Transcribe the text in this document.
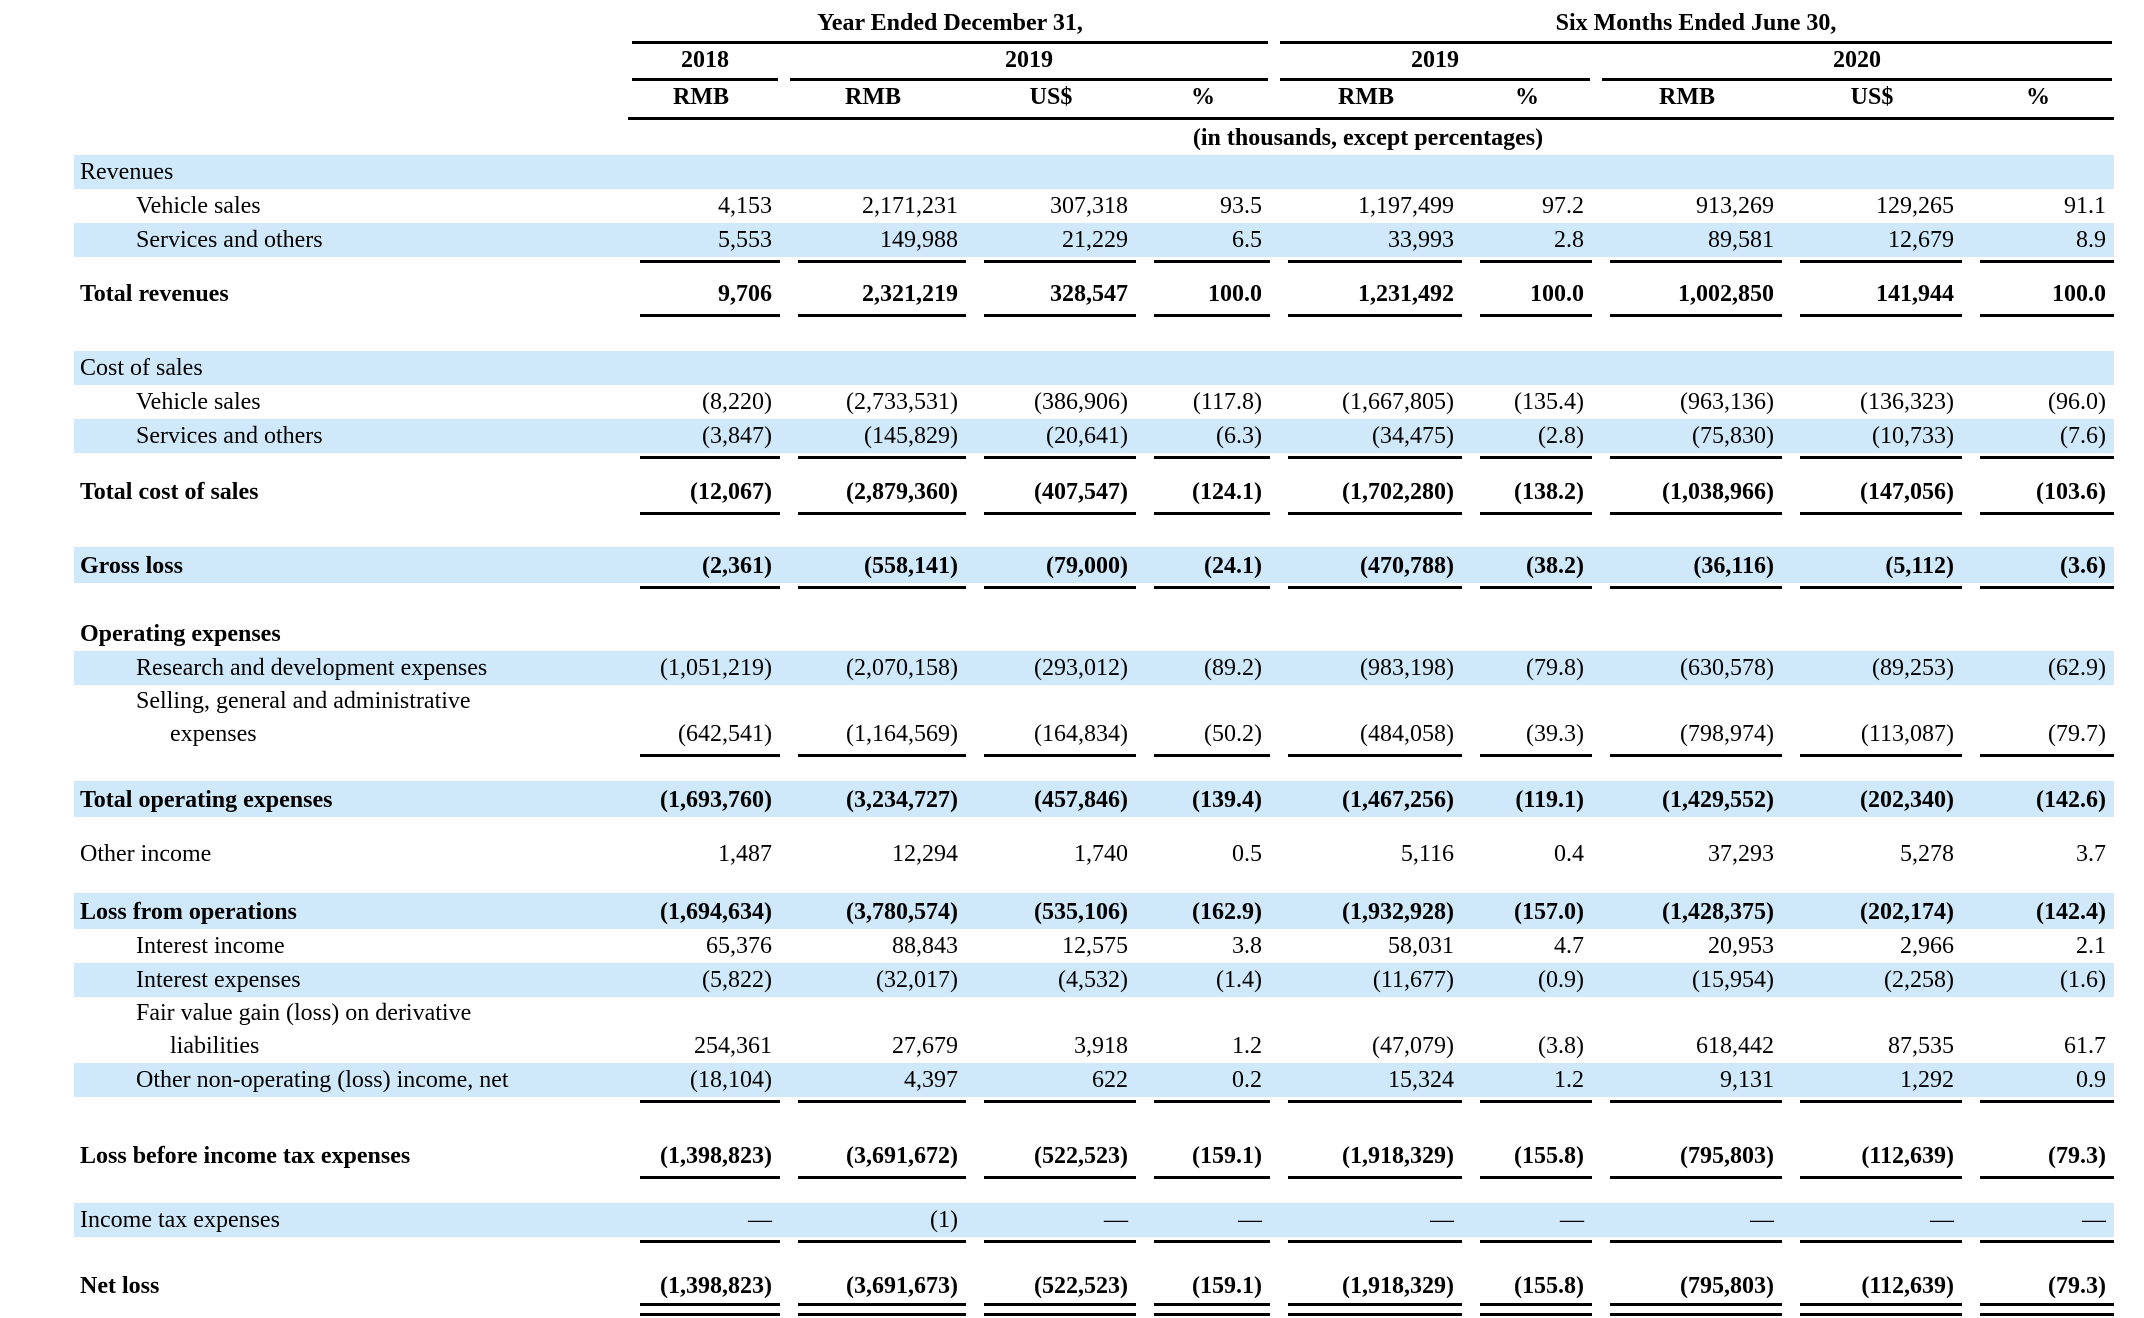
	Year Ended December 31,				Six Months Ended June 30,				

	2018	2019			2019		2020		

	RMB	RMB	US$	%	RMB	%	RMB	US$	%

	(in thousands, except percentages)								

Revenues									

Vehicle sales	4,153	2,171,231	307,318	93.5	1,197,499	97.2	913,269	129,265	91.1

Services and others	5,553	149,988	21,229	6.5	33,993	2.8	89,581	12,679	8.9

Total revenues	9,706	2,321,219	328,547	100.0	1,231,492	100.0	1,002,850	141,944	100.0

Cost of sales									

Vehicle sales	(8,220)	(2,733,531)	(386,906)	(117.8)	(1,667,805)	(135.4)	(963,136)	(136,323)	(96.0)

Services and others	(3,847)	(145,829)	(20,641)	(6.3)	(34,475)	(2.8)	(75,830)	(10,733)	(7.6)

Total cost of sales	(12,067)	(2,879,360)	(407,547)	(124.1)	(1,702,280)	(138.2)	(1,038,966)	(147,056)	(103.6)

Gross loss	(2,361)	(558,141)	(79,000)	(24.1)	(470,788)	(38.2)	(36,116)	(5,112)	(3.6)

Operating expenses									

Research and development expenses	(1,051,219)	(2,070,158)	(293,012)	(89.2)	(983,198)	(79.8)	(630,578)	(89,253)	(62.9)

Selling, general and administrative
expenses	(642,541)	(1,164,569)	(164,834)	(50.2)	(484,058)	(39.3)	(798,974)	(113,087)	(79.7)

Total operating expenses	(1,693,760)	(3,234,727)	(457,846)	(139.4)	(1,467,256)	(119.1)	(1,429,552)	(202,340)	(142.6)

Other income	1,487	12,294	1,740	0.5	5,116	0.4	37,293	5,278	3.7

Loss from operations	(1,694,634)	(3,780,574)	(535,106)	(162.9)	(1,932,928)	(157.0)	(1,428,375)	(202,174)	(142.4)

Interest income	65,376	88,843	12,575	3.8	58,031	4.7	20,953	2,966	2.1

Interest expenses	(5,822)	(32,017)	(4,532)	(1.4)	(11,677)	(0.9)	(15,954)	(2,258)	(1.6)

Fair value gain (loss) on derivative
liabilities	254,361	27,679	3,918	1.2	(47,079)	(3.8)	618,442	87,535	61.7

Other non-operating (loss) income, net	(18,104)	4,397	622	0.2	15,324	1.2	9,131	1,292	0.9

Loss before income tax expenses	(1,398,823)	(3,691,672)	(522,523)	(159.1)	(1,918,329)	(155.8)	(795,803)	(112,639)	(79.3)

Income tax expenses	—	(1)	—	—	—	—	—	—	—

Net loss	(1,398,823)	(3,691,673)	(522,523)	(159.1)	(1,918,329)	(155.8)	(795,803)	(112,639)	(79.3)
